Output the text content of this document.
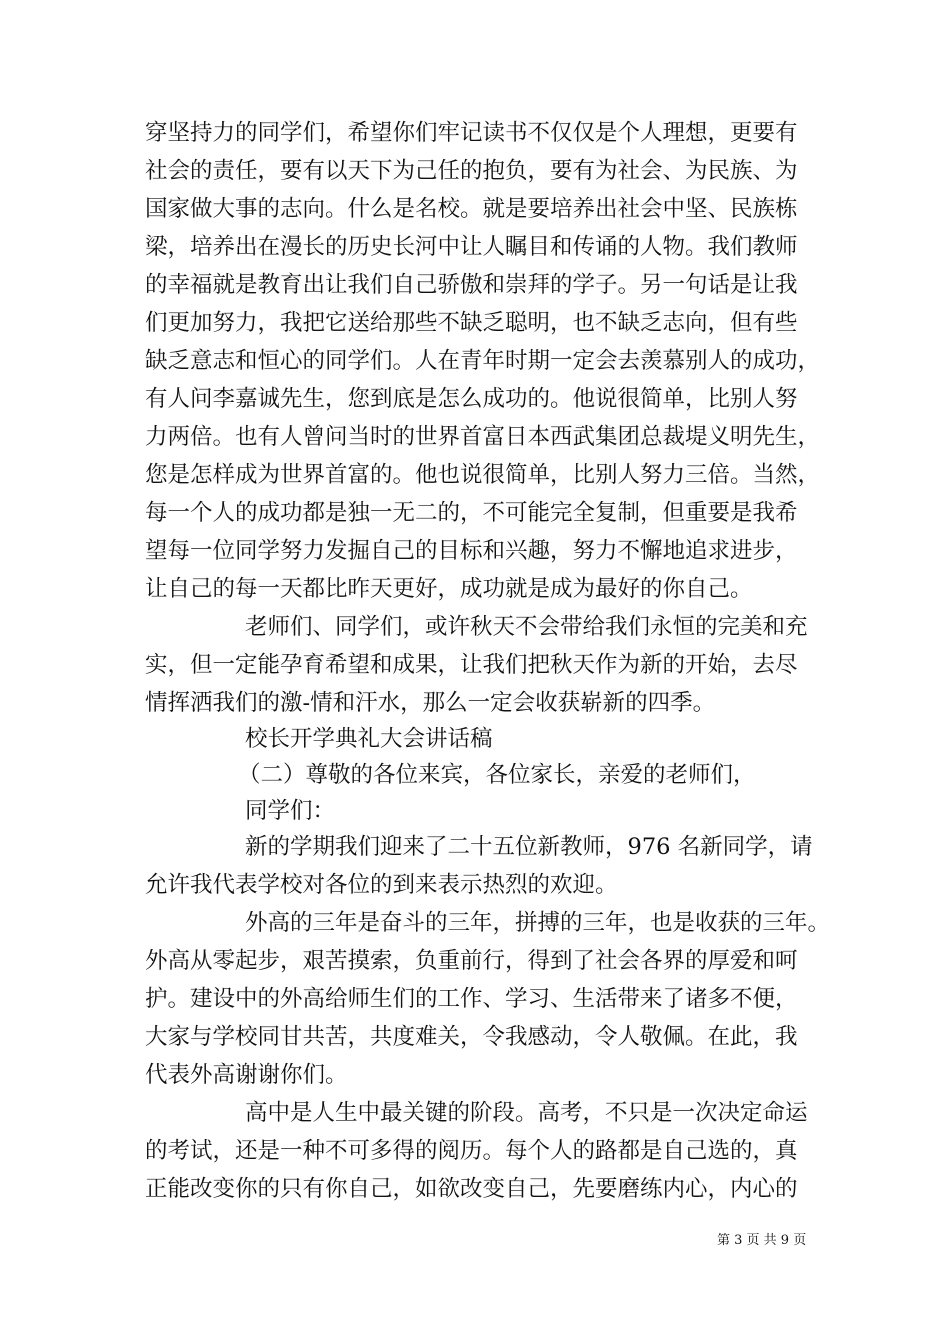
穿坚持力的同学们，希望你们牢记读书不仅仅是个人理想，更要有
社会的责任，要有以天下为己任的抱负，要有为社会、为民族、为
国家做大事的志向。什么是名校。就是要培养出社会中坚、民族栋
梁，培养出在漫长的历史长河中让人瞩目和传诵的人物。我们教师
的幸福就是教育出让我们自己骄傲和崇拜的学子。另一句话是让我
们更加努力，我把它送给那些不缺乏聪明，也不缺乏志向，但有些
缺乏意志和恒心的同学们。人在青年时期一定会去羡慕别人的成功，
有人问李嘉诚先生，您到底是怎么成功的。他说很简单，比别人努
力两倍。也有人曾问当时的世界首富日本西武集团总裁堤义明先生，
您是怎样成为世界首富的。他也说很简单，比别人努力三倍。当然，
每一个人的成功都是独一无二的，不可能完全复制，但重要是我希
望每一位同学努力发掘自己的目标和兴趣，努力不懈地追求进步，
让自己的每一天都比昨天更好，成功就是成为最好的你自己。
老师们、同学们，或许秋天不会带给我们永恒的完美和充
实，但一定能孕育希望和成果，让我们把秋天作为新的开始，去尽
情挥洒我们的激-情和汗水，那么一定会收获崭新的四季。
校长开学典礼大会讲话稿
（二）尊敬的各位来宾，各位家长，亲爱的老师们，
同学们：
新的学期我们迎来了二十五位新教师，976 名新同学，请
允许我代表学校对各位的到来表示热烈的欢迎。
外高的三年是奋斗的三年，拼搏的三年，也是收获的三年。
外高从零起步，艰苦摸索，负重前行，得到了社会各界的厚爱和呵
护。建设中的外高给师生们的工作、学习、生活带来了诸多不便，
大家与学校同甘共苦，共度难关，令我感动，令人敬佩。在此，我
代表外高谢谢你们。
高中是人生中最关键的阶段。高考，不只是一次决定命运
的考试，还是一种不可多得的阅历。每个人的路都是自己选的，真
正能改变你的只有你自己，如欲改变自己，先要磨练内心，内心的
第 3 页 共 9 页
